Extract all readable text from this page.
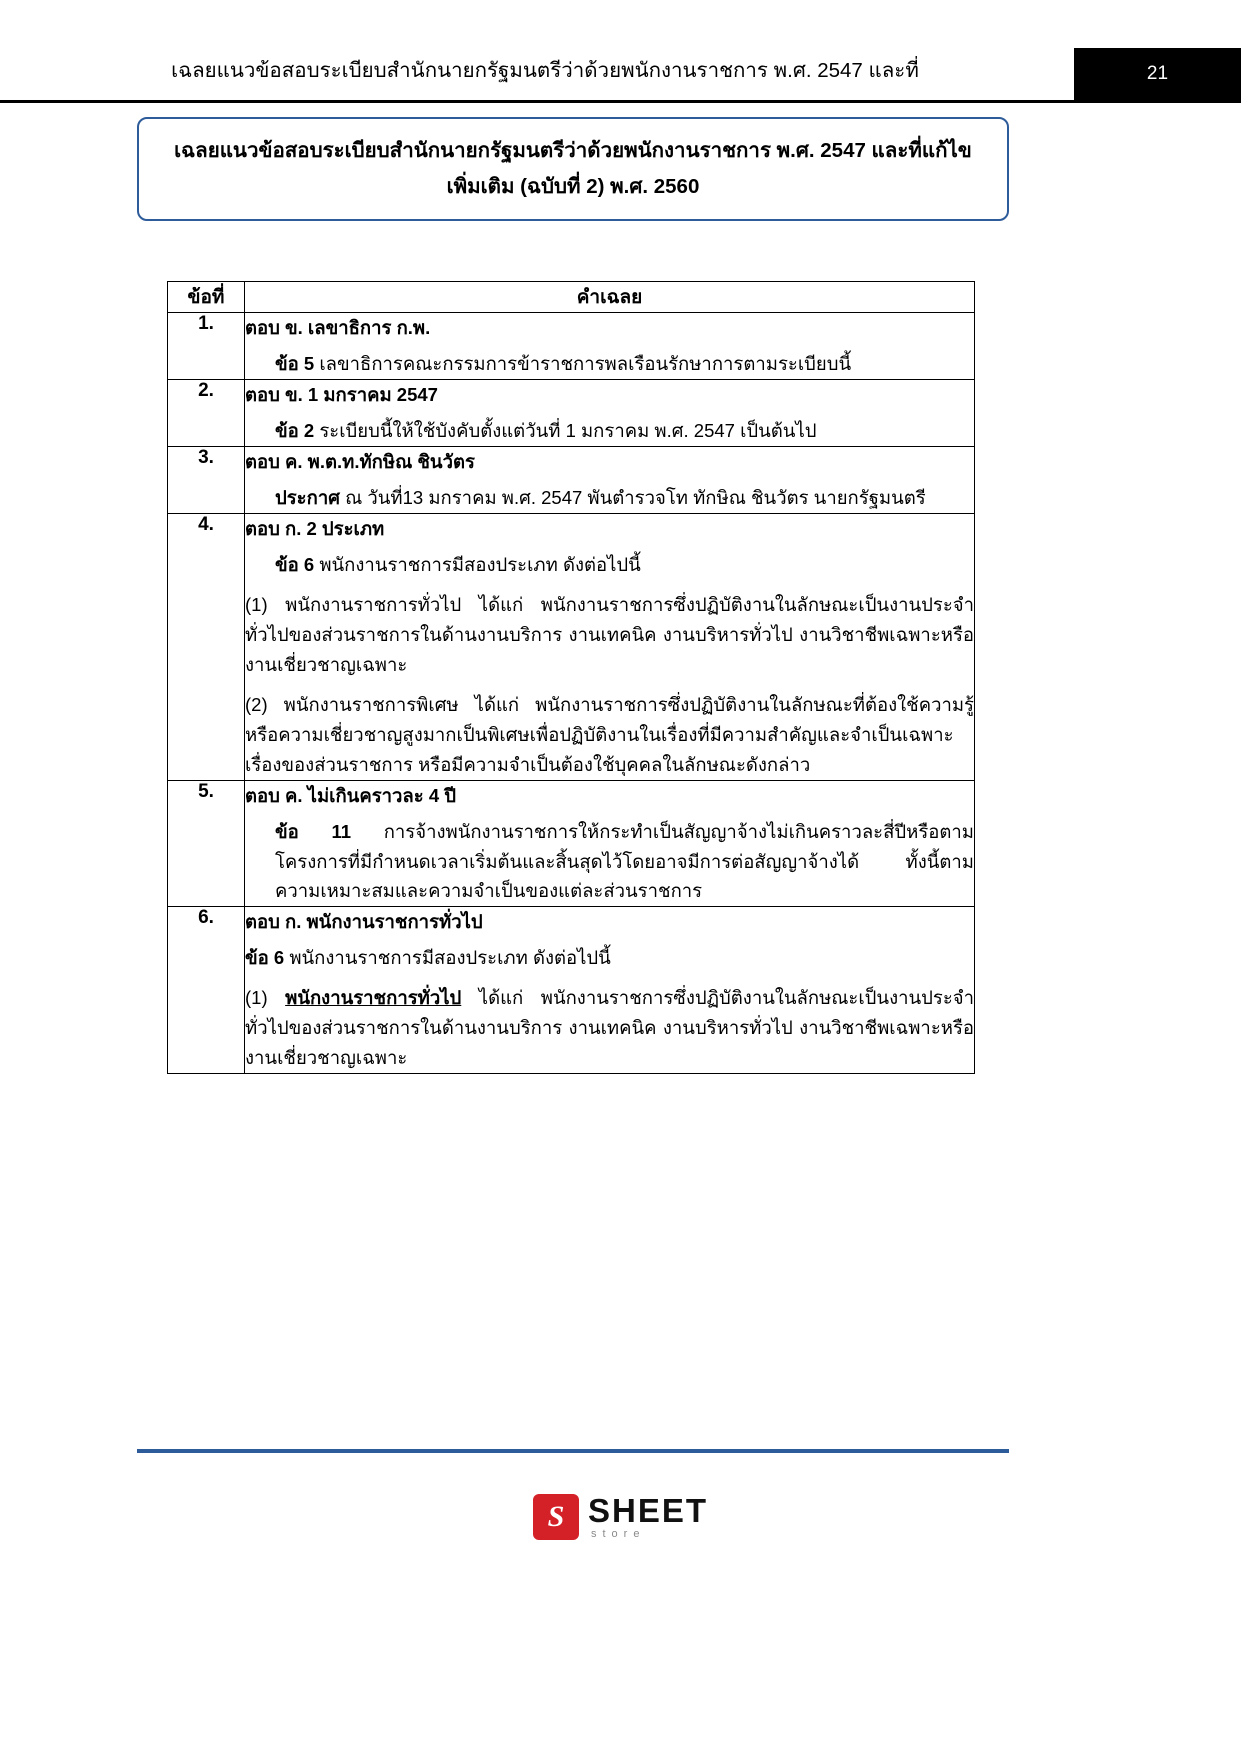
เฉลยแนวข้อสอบระเบียบสำนักนายกรัฐมนตรีว่าด้วยพนักงานราชการ พ.ศ. 2547 และที่	21
เฉลยแนวข้อสอบระเบียบสำนักนายกรัฐมนตรีว่าด้วยพนักงานราชการ พ.ศ. 2547 และที่แก้ไขเพิ่มเติม (ฉบับที่ 2) พ.ศ. 2560
ข้อที่	คำเฉลย
1.	ตอบ ข. เลขาธิการ ก.พ.
ข้อ 5 เลขาธิการคณะกรรมการข้าราชการพลเรือนรักษาการตามระเบียบนี้

2.	ตอบ ข. 1 มกราคม 2547
ข้อ 2 ระเบียบนี้ให้ใช้บังคับตั้งแต่วันที่ 1 มกราคม พ.ศ. 2547 เป็นต้นไป

3.	ตอบ ค. พ.ต.ท.ทักษิณ ชินวัตร
ประกาศ ณ วันที่13 มกราคม พ.ศ. 2547 พันตำรวจโท ทักษิณ ชินวัตร นายกรัฐมนตรี

4.	ตอบ ก. 2 ประเภท
ข้อ 6 พนักงานราชการมีสองประเภท ดังต่อไปนี้
(1) พนักงานราชการทั่วไป ได้แก่ พนักงานราชการซึ่งปฏิบัติงานในลักษณะเป็นงานประจำทั่วไปของส่วนราชการในด้านงานบริการ งานเทคนิค งานบริหารทั่วไป งานวิชาชีพเฉพาะหรืองานเชี่ยวชาญเฉพาะ
(2) พนักงานราชการพิเศษ ได้แก่ พนักงานราชการซึ่งปฏิบัติงานในลักษณะที่ต้องใช้ความรู้หรือความเชี่ยวชาญสูงมากเป็นพิเศษเพื่อปฏิบัติงานในเรื่องที่มีความสำคัญและจำเป็นเฉพาะเรื่องของส่วนราชการ หรือมีความจำเป็นต้องใช้บุคคลในลักษณะดังกล่าว

5.	ตอบ ค. ไม่เกินคราวละ 4 ปี
ข้อ 11 การจ้างพนักงานราชการให้กระทำเป็นสัญญาจ้างไม่เกินคราวละสี่ปีหรือตามโครงการที่มีกำหนดเวลาเริ่มต้นและสิ้นสุดไว้โดยอาจมีการต่อสัญญาจ้างได้ ทั้งนี้ตามความเหมาะสมและความจำเป็นของแต่ละส่วนราชการ

6.	ตอบ ก. พนักงานราชการทั่วไป
ข้อ 6 พนักงานราชการมีสองประเภท ดังต่อไปนี้
(1) พนักงานราชการทั่วไป ได้แก่ พนักงานราชการซึ่งปฏิบัติงานในลักษณะเป็นงานประจำทั่วไปของส่วนราชการในด้านงานบริการ งานเทคนิค งานบริหารทั่วไป งานวิชาชีพเฉพาะหรืองานเชี่ยวชาญเฉพาะ
S SHEET
store
